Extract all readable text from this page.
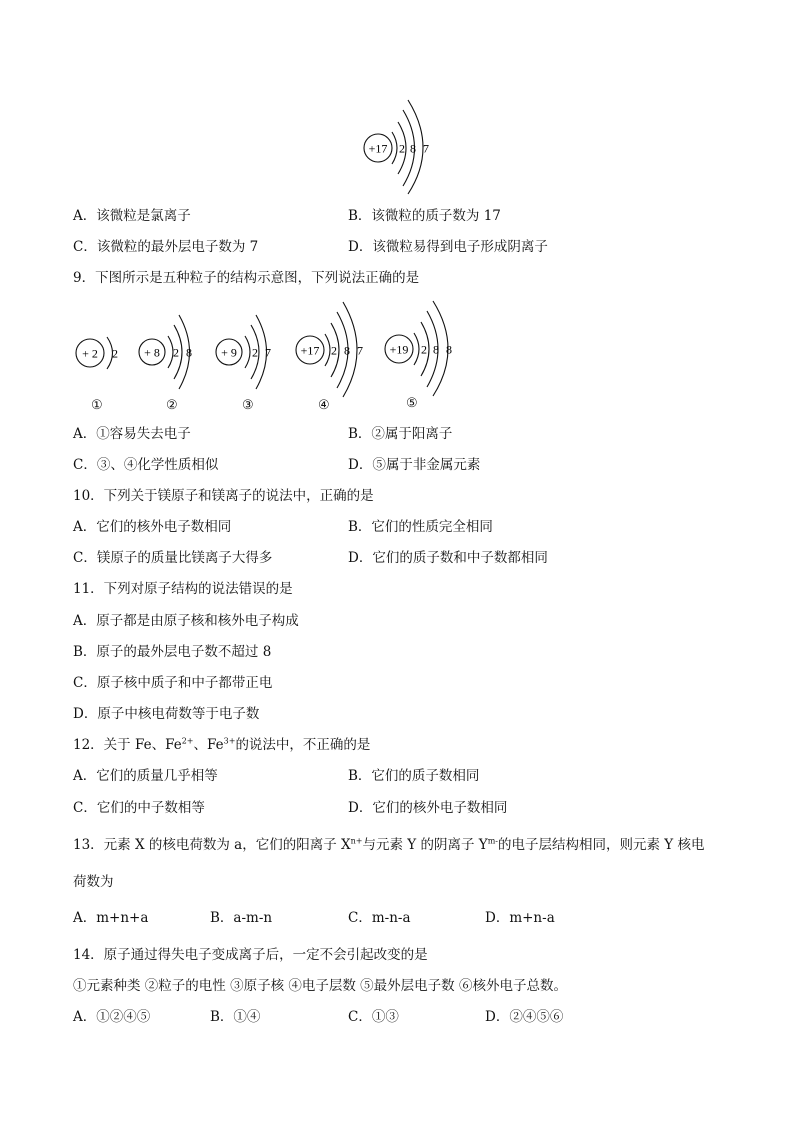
+17 2 8 7
A．该微粒是氯离子	B．该微粒的质子数为 17
C．该微粒的最外层电子数为 7	D．该微粒易得到电子形成阴离子
9．下图所示是五种粒子的结构示意图，下列说法正确的是
+ 2 2
①
+ 8 2 8
②
+ 9 2 7
③
+17 2 8 7
④
+19 2 8 8
⑤
A．①容易失去电子	B．②属于阳离子
C．③、④化学性质相似	D．⑤属于非金属元素
10．下列关于镁原子和镁离子的说法中，正确的是
A．它们的核外电子数相同	B．它们的性质完全相同
C．镁原子的质量比镁离子大得多	D．它们的质子数和中子数都相同
11．下列对原子结构的说法错误的是
A．原子都是由原子核和核外电子构成
B．原子的最外层电子数不超过 8
C．原子核中质子和中子都带正电
D．原子中核电荷数等于电子数
12．关于 Fe、$Fe^{2+}$、$Fe^{3+}$的说法中，不正确的是
A．它们的质量几乎相等	B．它们的质子数相同
C．它们的中子数相等	D．它们的核外电子数相同
13．元素 X 的核电荷数为 a，它们的阳离子 $X^{n+}$与元素 Y 的阴离子 $Y^{m-}$的电子层结构相同，则元素 Y 核电
荷数为
A．m+n+a	B．a-m-n	C．m-n-a	D．m+n-a
14．原子通过得失电子变成离子后，一定不会引起改变的是
①元素种类 ②粒子的电性 ③原子核 ④电子层数 ⑤最外层电子数 ⑥核外电子总数。
A．①②④⑤	B．①④	C．①③	D．②④⑤⑥
